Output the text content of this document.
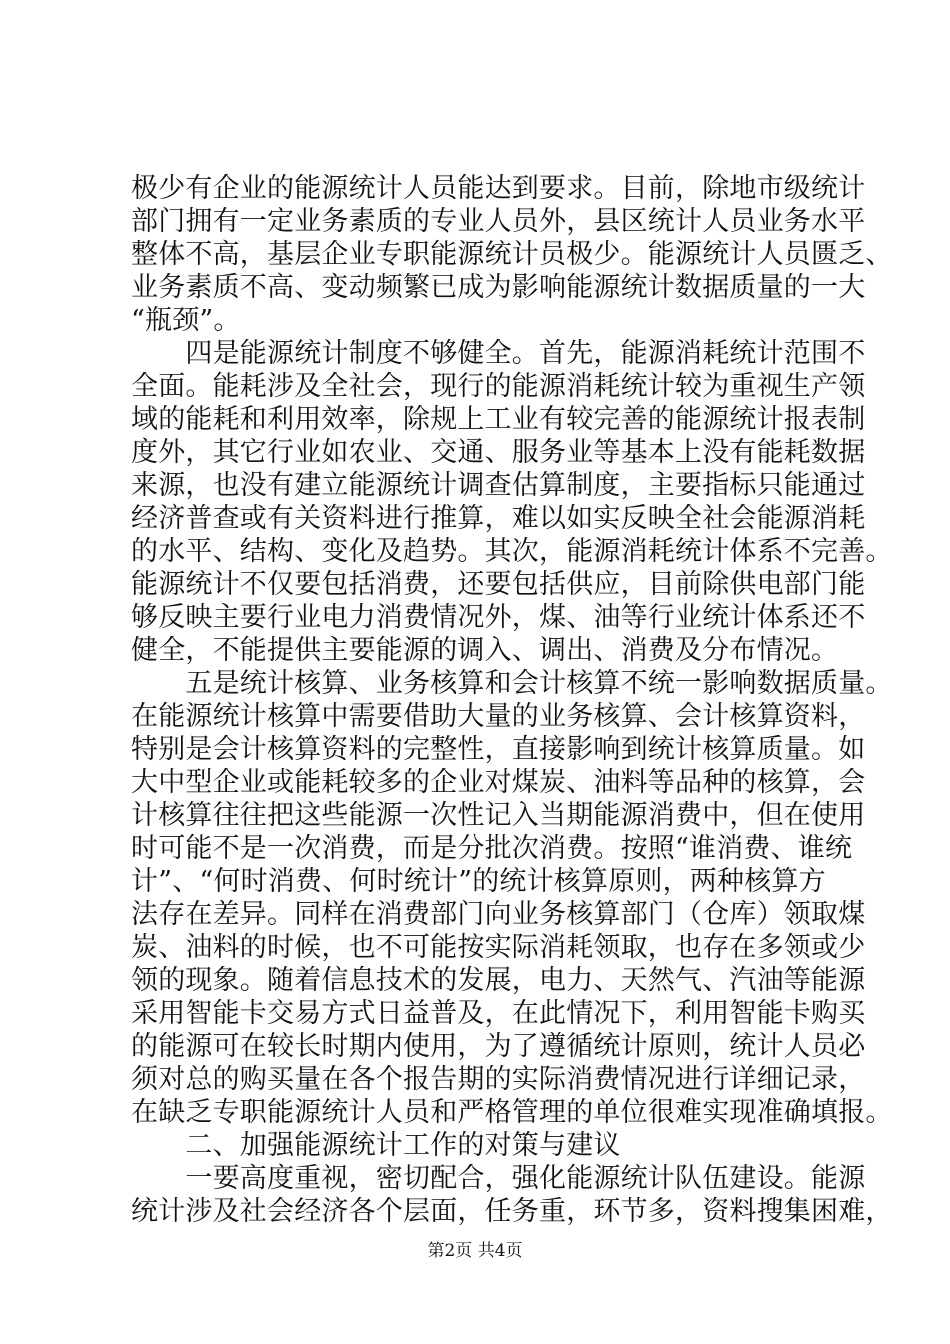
极少有企业的能源统计人员能达到要求。目前，除地市级统计
部门拥有一定业务素质的专业人员外，县区统计人员业务水平
整体不高，基层企业专职能源统计员极少。能源统计人员匮乏、
业务素质不高、变动频繁已成为影响能源统计数据质量的一大
“瓶颈”。
　　四是能源统计制度不够健全。首先，能源消耗统计范围不
全面。能耗涉及全社会，现行的能源消耗统计较为重视生产领
域的能耗和利用效率，除规上工业有较完善的能源统计报表制
度外，其它行业如农业、交通、服务业等基本上没有能耗数据
来源，也没有建立能源统计调查估算制度，主要指标只能通过
经济普查或有关资料进行推算，难以如实反映全社会能源消耗
的水平、结构、变化及趋势。其次，能源消耗统计体系不完善。
能源统计不仅要包括消费，还要包括供应，目前除供电部门能
够反映主要行业电力消费情况外，煤、油等行业统计体系还不
健全，不能提供主要能源的调入、调出、消费及分布情况。
　　五是统计核算、业务核算和会计核算不统一影响数据质量。
在能源统计核算中需要借助大量的业务核算、会计核算资料，
特别是会计核算资料的完整性，直接影响到统计核算质量。如
大中型企业或能耗较多的企业对煤炭、油料等品种的核算，会
计核算往往把这些能源一次性记入当期能源消费中，但在使用
时可能不是一次消费，而是分批次消费。按照“谁消费、谁统
计”、“何时消费、何时统计”的统计核算原则，两种核算方
法存在差异。同样在消费部门向业务核算部门（仓库）领取煤
炭、油料的时候，也不可能按实际消耗领取，也存在多领或少
领的现象。随着信息技术的发展，电力、天然气、汽油等能源
采用智能卡交易方式日益普及，在此情况下，利用智能卡购买
的能源可在较长时期内使用，为了遵循统计原则，统计人员必
须对总的购买量在各个报告期的实际消费情况进行详细记录，
在缺乏专职能源统计人员和严格管理的单位很难实现准确填报。
　　二、加强能源统计工作的对策与建议
　　一要高度重视，密切配合，强化能源统计队伍建设。能源
统计涉及社会经济各个层面，任务重，环节多，资料搜集困难，
第2页 共4页
